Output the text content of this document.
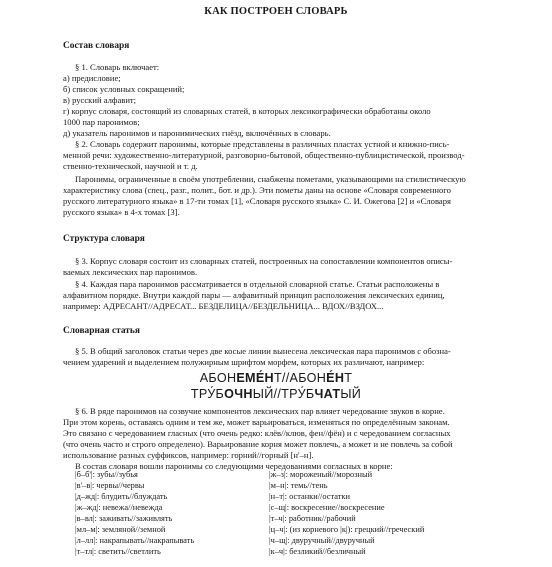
КАК ПОСТРОЕН СЛОВАРЬ
Состав словаря
§ 1. Словарь включает:
а) предисловие;
б) список условных сокращений;
в) русский алфавит;
г) корпус словаря, состоящий из словарных статей, в которых лексикографически обработаны около
1000 пар паронимов;
д) указатель паронимов и паронимических гнёзд, включённых в словарь.
§ 2. Словарь содержит паронимы, которые представлены в различных пластах устной и книжно-пись-
менной речи: художественно-литературной, разговорно-бытовой, общественно-публицистической, производ-
ственно-технической, научной и т. д.
Паронимы, ограниченные в своём употреблении, снабжены пометами, указывающими на стилистическую
характеристику слова (спец., разг., полит., бот. и др.). Эти пометы даны на основе «Словаря современного
русского литературного языка» в 17-ти томах [1], «Словаря русского языка» С. И. Ожегова [2] и «Словаря
русского языка» в 4-х томах [3].
Структура словаря
§ 3. Корпус словаря состоит из словарных статей, построенных на сопоставлении компонентов описы-
ваемых лексических пар паронимов.
§ 4. Каждая пара паронимов рассматривается в отдельной словарной статье. Статьи расположены в
алфавитном порядке. Внутри каждой пары — алфавитный принцип расположения лексических единиц,
например: АДРЕСАНТ//АДРЕСАТ... БЕЗДЕЛИЦА//БЕЗДЕЛЬНИЦА... ВДОХ//ВЗДОХ...
Словарная статья
§ 5. В общий заголовок статьи через две косые линии вынесена лексическая пара паронимов с обозна-
чением ударений и выделением полужирным шрифтом морфем, которых их различают, например:
АБОНЕМЕ́НТ//АБОНЕ́НТ
ТРУ́БОЧНЫЙ//ТРУ́БЧАТЫЙ
§ 6. В ряде паронимов на созвучие компонентов лексических пар влияет чередование звуков в корне.
При этом корень, оставаясь одним и тем же, может варьироваться, изменяться по определённым законам.
Это связано с чередованием гласных (что очень редко: клёв//клюв, фен//фён) и с чередованием согласных
(что очень часто и строго определено). Варьирование корня может повлечь, а может и не повлечь за собой
использование разных суффиксов, например: горний//горный [н'–н].
В состав словаря вошли паронимы со следующими чередованиями согласных в корне:
|б–б'|: зубы//зубья	|ж–з|: мороженый//морозный
|в'–в|: червы//червы	|м–н|: темь//тень
|д–жд|: блудить//блуждать	|н–т|: останки//остатки
|ж–жд|: невежа//невежда	|с–щ|: воскресение//воскресение
|в–вл|: заживать//заживлять	|т–ч|: работник//рабочий
|мл–м|: земляной//земной	|ц–ч|: (из корневого |к|): грецкий//греческий
|л–лл|: накрапывать//накрапывать	|ч–щ|: двуручный//двуручный
|т–тл|: светить//светлить	|к–ч|: безликий//безличный
